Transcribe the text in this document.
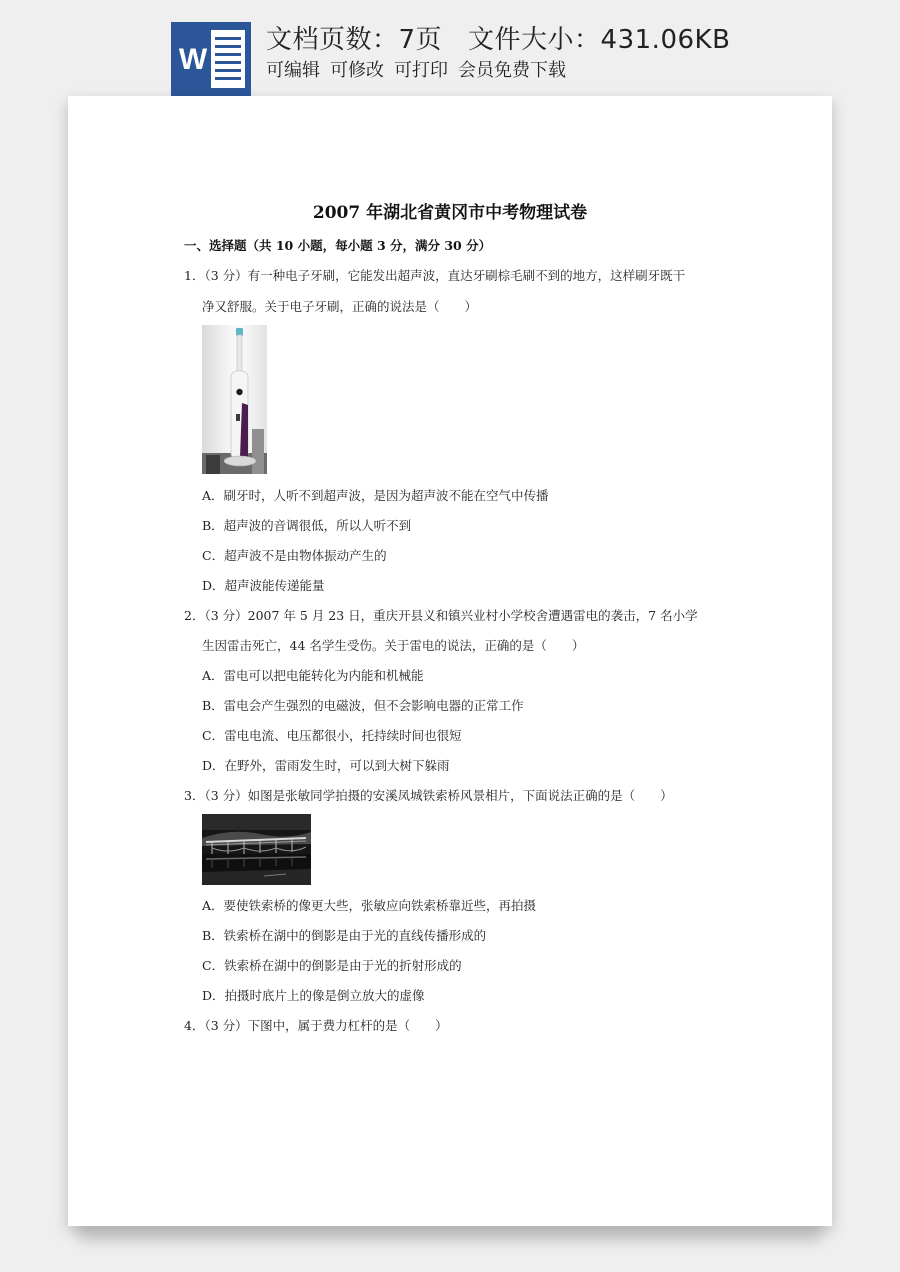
W
文档页数：7页 文件大小：431.06KB
可编辑 可修改 可打印 会员免费下载
2007 年湖北省黄冈市中考物理试卷
一、选择题（共 10 小题，每小题 3 分，满分 30 分）
1．（3 分）有一种电子牙刷，它能发出超声波，直达牙刷棕毛刷不到的地方，这样刷牙既干
净又舒服。关于电子牙刷，正确的说法是（　　）
A．刷牙时，人听不到超声波，是因为超声波不能在空气中传播
B．超声波的音调很低，所以人听不到
C．超声波不是由物体振动产生的
D．超声波能传递能量
2．（3 分）2007 年 5 月 23 日，重庆开县义和镇兴业村小学校舍遭遇雷电的袭击，7 名小学
生因雷击死亡，44 名学生受伤。关于雷电的说法，正确的是（　　）
A．雷电可以把电能转化为内能和机械能
B．雷电会产生强烈的电磁波，但不会影响电器的正常工作
C．雷电电流、电压都很小，托持续时间也很短
D．在野外，雷雨发生时，可以到大树下躲雨
3．（3 分）如图是张敏同学拍摄的安溪凤城铁索桥风景相片，下面说法正确的是（　　）
A．要使铁索桥的像更大些，张敏应向铁索桥靠近些，再拍摄
B．铁索桥在湖中的倒影是由于光的直线传播形成的
C．铁索桥在湖中的倒影是由于光的折射形成的
D．拍摄时底片上的像是倒立放大的虚像
4．（3 分）下图中，属于费力杠杆的是（　　）
